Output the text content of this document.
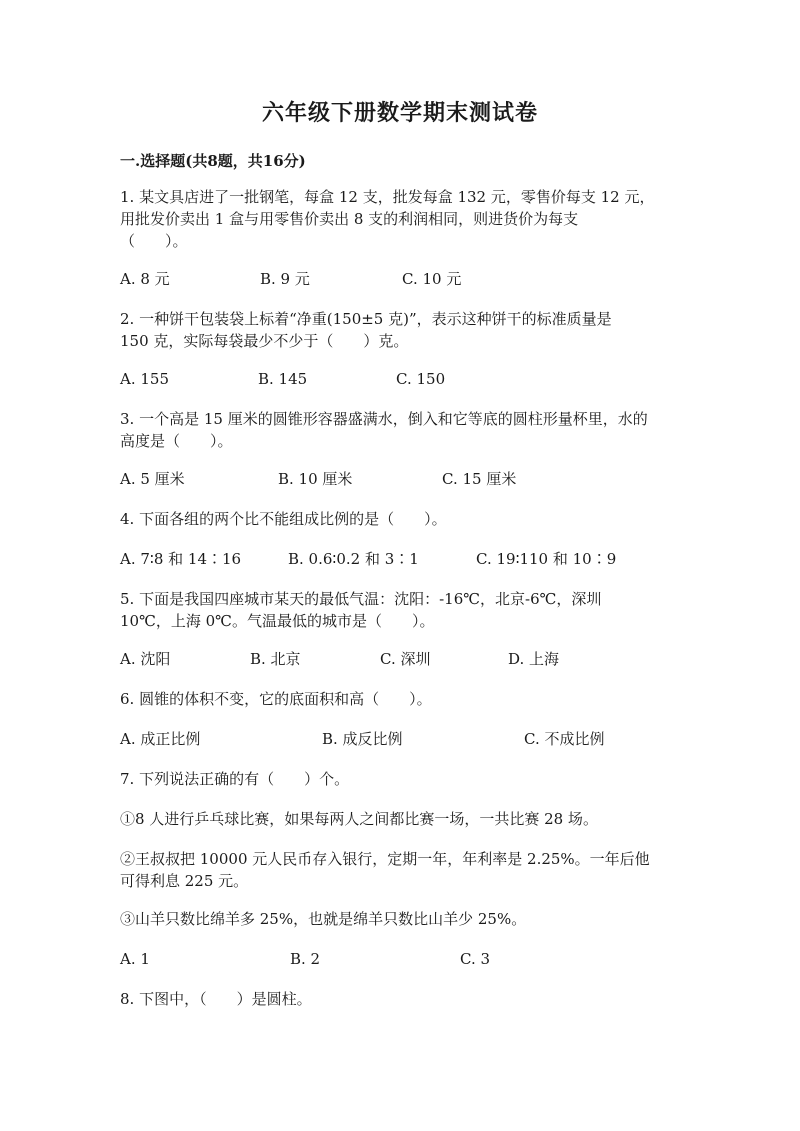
六年级下册数学期末测试卷
一.选择题(共8题，共16分)
1. 某文具店进了一批钢笔，每盒 12 支，批发每盒 132 元，零售价每支 12 元，
用批发价卖出 1 盒与用零售价卖出 8 支的利润相同，则进货价为每支
（　　）。
A. 8 元	B. 9 元	C. 10 元
2. 一种饼干包装袋上标着“净重(150±5 克)”，表示这种饼干的标准质量是
150 克，实际每袋最少不少于（　　）克。
A. 155	B. 145	C. 150
3. 一个高是 15 厘米的圆锥形容器盛满水，倒入和它等底的圆柱形量杯里，水的
高度是（　　）。
A. 5 厘米	B. 10 厘米	C. 15 厘米
4. 下面各组的两个比不能组成比例的是（　　）。
A. 7∶8 和 14∶16	B. 0.6∶0.2 和 3∶1	C. 19∶110 和 10∶9
5. 下面是我国四座城市某天的最低气温：沈阳：-16℃，北京-6℃，深圳
10℃，上海 0℃。气温最低的城市是（　　）。
A. 沈阳	B. 北京	C. 深圳	D. 上海
6. 圆锥的体积不变，它的底面积和高（　　）。
A. 成正比例	B. 成反比例	C. 不成比例
7. 下列说法正确的有（　　）个。
①8 人进行乒乓球比赛，如果每两人之间都比赛一场，一共比赛 28 场。
②王叔叔把 10000 元人民币存入银行，定期一年，年利率是 2.25%。一年后他
可得利息 225 元。
③山羊只数比绵羊多 25%，也就是绵羊只数比山羊少 25%。
A. 1	B. 2	C. 3
8. 下图中，（　　）是圆柱。
